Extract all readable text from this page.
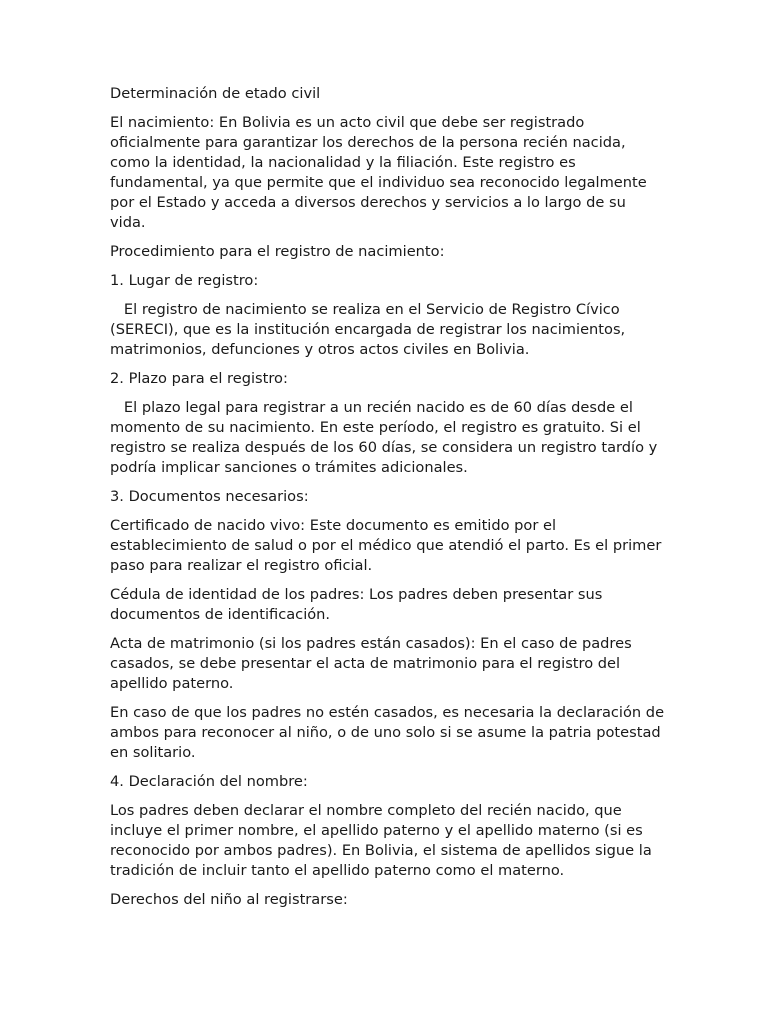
Determinación de etado civil

El nacimiento: En Bolivia es un acto civil que debe ser registrado oficialmente para garantizar los derechos de la persona recién nacida, como la identidad, la nacionalidad y la filiación. Este registro es fundamental, ya que permite que el individuo sea reconocido legalmente por el Estado y acceda a diversos derechos y servicios a lo largo de su vida.

Procedimiento para el registro de nacimiento:

1. Lugar de registro:

El registro de nacimiento se realiza en el Servicio de Registro Cívico (SERECI), que es la institución encargada de registrar los nacimientos, matrimonios, defunciones y otros actos civiles en Bolivia.

2. Plazo para el registro:

El plazo legal para registrar a un recién nacido es de 60 días desde el momento de su nacimiento. En este período, el registro es gratuito. Si el registro se realiza después de los 60 días, se considera un registro tardío y podría implicar sanciones o trámites adicionales.

3. Documentos necesarios:

Certificado de nacido vivo: Este documento es emitido por el establecimiento de salud o por el médico que atendió el parto. Es el primer paso para realizar el registro oficial.

Cédula de identidad de los padres: Los padres deben presentar sus documentos de identificación.

Acta de matrimonio (si los padres están casados): En el caso de padres casados, se debe presentar el acta de matrimonio para el registro del apellido paterno.

En caso de que los padres no estén casados, es necesaria la declaración de ambos para reconocer al niño, o de uno solo si se asume la patria potestad en solitario.

4. Declaración del nombre:

Los padres deben declarar el nombre completo del recién nacido, que incluye el primer nombre, el apellido paterno y el apellido materno (si es reconocido por ambos padres). En Bolivia, el sistema de apellidos sigue la tradición de incluir tanto el apellido paterno como el materno.

Derechos del niño al registrarse:
